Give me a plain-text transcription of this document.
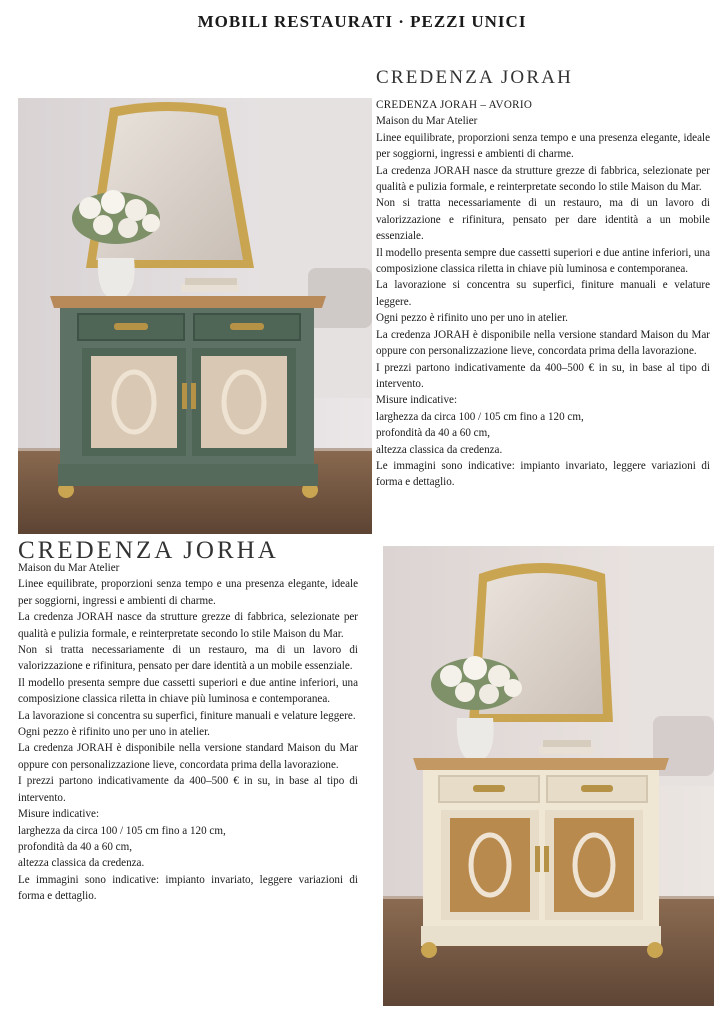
MOBILI RESTAURATI · PEZZI UNICI
CREDENZA JORAH

CREDENZA JORAH – AVORIO

Maison du Mar Atelier

Linee equilibrate, proporzioni senza tempo e una presenza elegante, ideale per soggiorni, ingressi e ambienti di charme.

La credenza JORAH nasce da strutture grezze di fabbrica, selezionate per qualità e pulizia formale, e reinterpretate secondo lo stile Maison du Mar.

Non si tratta necessariamente di un restauro, ma di un lavoro di valorizzazione e rifinitura, pensato per dare identità a un mobile essenziale.

Il modello presenta sempre due cassetti superiori e due antine inferiori, una composizione classica riletta in chiave più luminosa e contemporanea.

La lavorazione si concentra su superfici, finiture manuali e velature leggere.

Ogni pezzo è rifinito uno per uno in atelier.

La credenza JORAH è disponibile nella versione standard Maison du Mar oppure con personalizzazione lieve, concordata prima della lavorazione.

I prezzi partono indicativamente da 400–500 € in su, in base al tipo di intervento.

Misure indicative:

larghezza da circa 100 / 105 cm fino a 120 cm,

profondità da 40 a 60 cm,

altezza classica da credenza.

Le immagini sono indicative: impianto invariato, leggere variazioni di forma e dettaglio.

CREDENZA JORHA

Maison du Mar Atelier

Linee equilibrate, proporzioni senza tempo e una presenza elegante, ideale per soggiorni, ingressi e ambienti di charme.

La credenza JORAH nasce da strutture grezze di fabbrica, selezionate per qualità e pulizia formale, e reinterpretate secondo lo stile Maison du Mar.

Non si tratta necessariamente di un restauro, ma di un lavoro di valorizzazione e rifinitura, pensato per dare identità a un mobile essenziale.

Il modello presenta sempre due cassetti superiori e due antine inferiori, una composizione classica riletta in chiave più luminosa e contemporanea.

La lavorazione si concentra su superfici, finiture manuali e velature leggere.

Ogni pezzo è rifinito uno per uno in atelier.

La credenza JORAH è disponibile nella versione standard Maison du Mar oppure con personalizzazione lieve, concordata prima della lavorazione.

I prezzi partono indicativamente da 400–500 € in su, in base al tipo di intervento.

Misure indicative:

larghezza da circa 100 / 105 cm fino a 120 cm,

profondità da 40 a 60 cm,

altezza classica da credenza.

Le immagini sono indicative: impianto invariato, leggere variazioni di forma e dettaglio.
